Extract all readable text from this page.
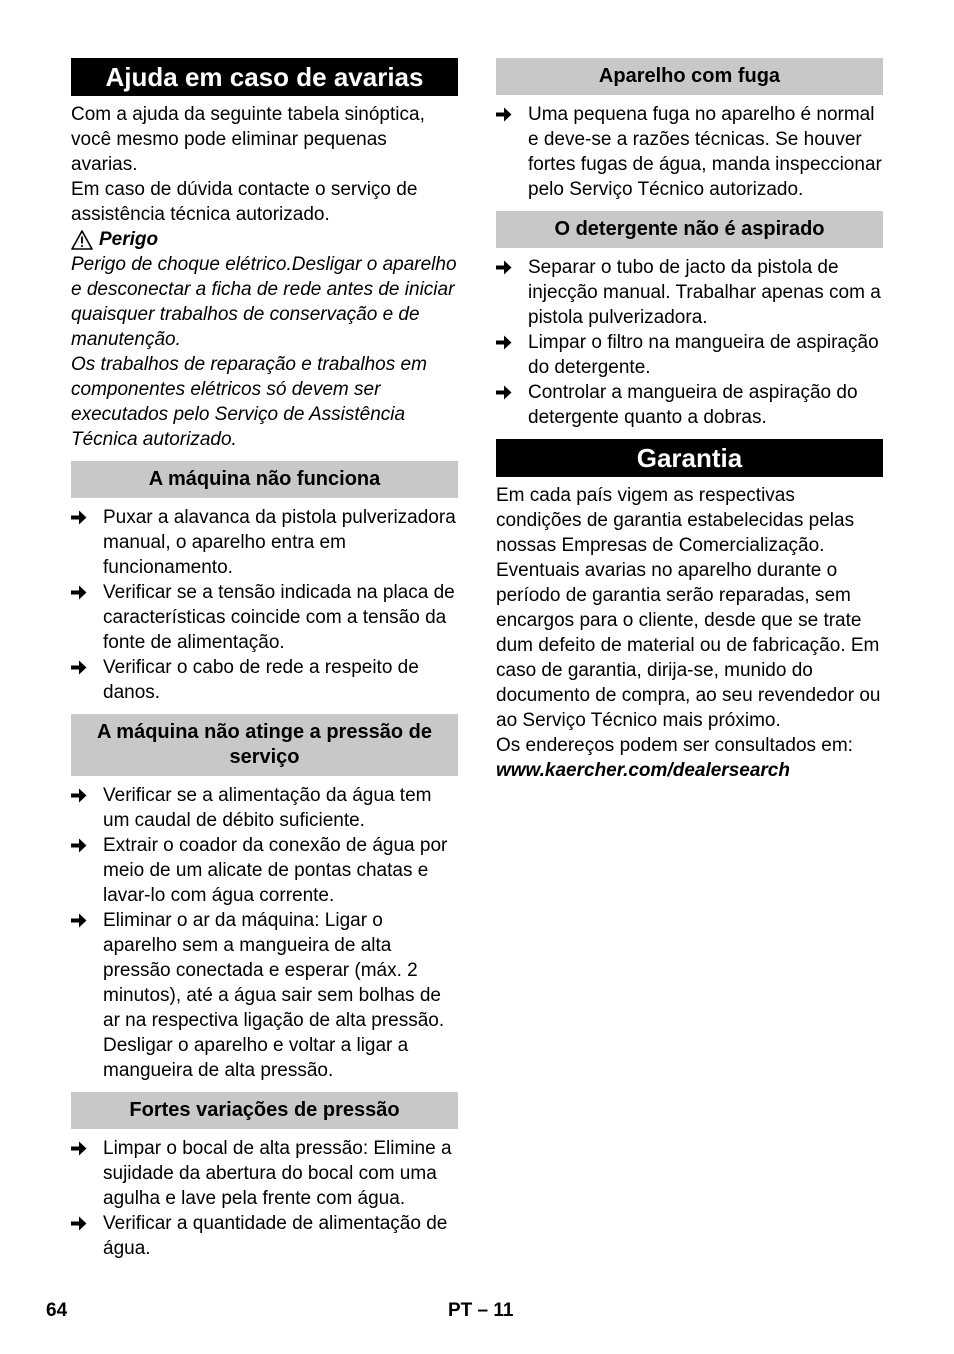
Ajuda em caso de avarias

Com a ajuda da seguinte tabela sinóptica, você mesmo pode eliminar pequenas avarias.

Em caso de dúvida contacte o serviço de assistência técnica autorizado.

Perigo

Perigo de choque elétrico.Desligar o aparelho e desconectar a ficha de rede antes de iniciar quaisquer trabalhos de conservação e de manutenção.

Os trabalhos de reparação e trabalhos em componentes elétricos só devem ser executados pelo Serviço de Assistência Técnica autorizado.

A máquina não funciona
Puxar a alavanca da pistola pulverizadora manual, o aparelho entra em funcionamento.
Verificar se a tensão indicada na placa de características coincide com a tensão da fonte de alimentação.
Verificar o cabo de rede a respeito de danos.
A máquina não atinge a pressão de serviço
Verificar se a alimentação da água tem um caudal de débito suficiente.
Extrair o coador da conexão de água por meio de um alicate de pontas chatas e lavar-lo com água corrente.
Eliminar o ar da máquina: Ligar o aparelho sem a mangueira de alta pressão conectada e esperar (máx. 2 minutos), até a água sair sem bolhas de ar na respectiva ligação de alta pressão. Desligar o aparelho e voltar a ligar a mangueira de alta pressão.
Fortes variações de pressão
Limpar o bocal de alta pressão: Elimine a sujidade da abertura do bocal com uma agulha e lave pela frente com água.
Verificar a quantidade de alimentação de água.
Aparelho com fuga
Uma pequena fuga no aparelho é normal e deve-se a razões técnicas. Se houver fortes fugas de água, manda inspeccionar pelo Serviço Técnico autorizado.
O detergente não é aspirado
Separar o tubo de jacto da pistola de injecção manual. Trabalhar apenas com a pistola pulverizadora.
Limpar o filtro na mangueira de aspiração do detergente.
Controlar a mangueira de aspiração do detergente quanto a dobras.
Garantia

Em cada país vigem as respectivas condições de garantia estabelecidas pelas nossas Empresas de Comercialização. Eventuais avarias no aparelho durante o período de garantia serão reparadas, sem encargos para o cliente, desde que se trate dum defeito de material ou de fabricação. Em caso de garantia, dirija-se, munido do documento de compra, ao seu revendedor ou ao Serviço Técnico mais próximo.

Os endereços podem ser consultados em:

www.kaercher.com/dealersearch
64	PT – 11
